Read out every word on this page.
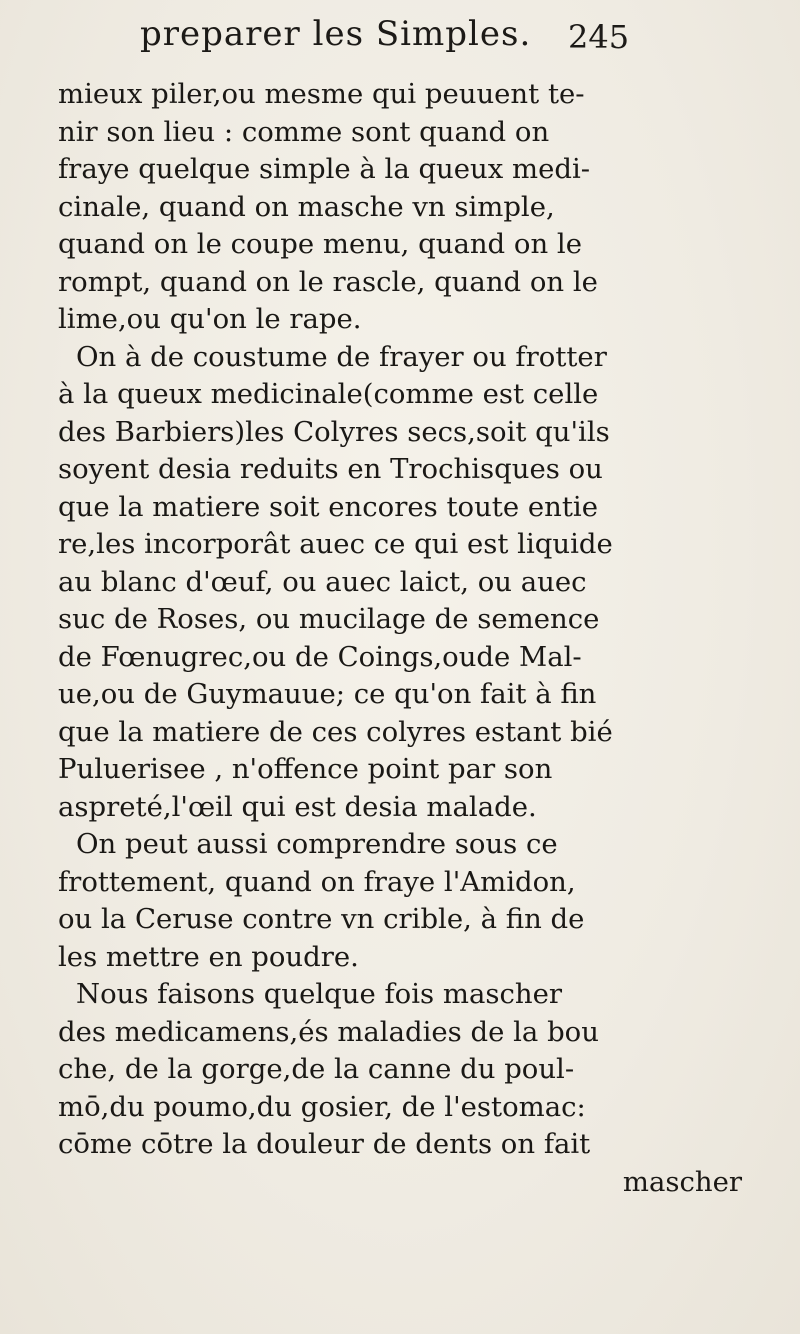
preparer les Simples. 245
mieux piler,ou mesme qui peuuent te-
nir son lieu : comme sont quand on
fraye quelque simple à la queux medi-
cinale, quand on masche vn simple,
quand on le coupe menu, quand on le
rompt, quand on le rascle, quand on le
lime,ou qu'on le rape.
On à de coustume de frayer ou frotter
à la queux medicinale(comme est celle
des Barbiers)les Colyres secs,soit qu'ils
soyent desia reduits en Trochisques ou
que la matiere soit encores toute entie
re,les incorporât auec ce qui est liquide
au blanc d'œuf, ou auec laict, ou auec
suc de Roses, ou mucilage de semence
de Fœnugrec,ou de Coings,oude Mal-
ue,ou de Guymauue; ce qu'on fait à fin
que la matiere de ces colyres estant bié
Puluerisee , n'offence point par son
aspreté,l'œil qui est desia malade.
On peut aussi comprendre sous ce
frottement, quand on fraye l'Amidon,
ou la Ceruse contre vn crible, à fin de
les mettre en poudre.
Nous faisons quelque fois mascher
des medicamens,és maladies de la bou
che, de la gorge,de la canne du poul-
mō,du poumo,du gosier, de l'estomac:
cōme cōtre la douleur de dents on fait
mascher
